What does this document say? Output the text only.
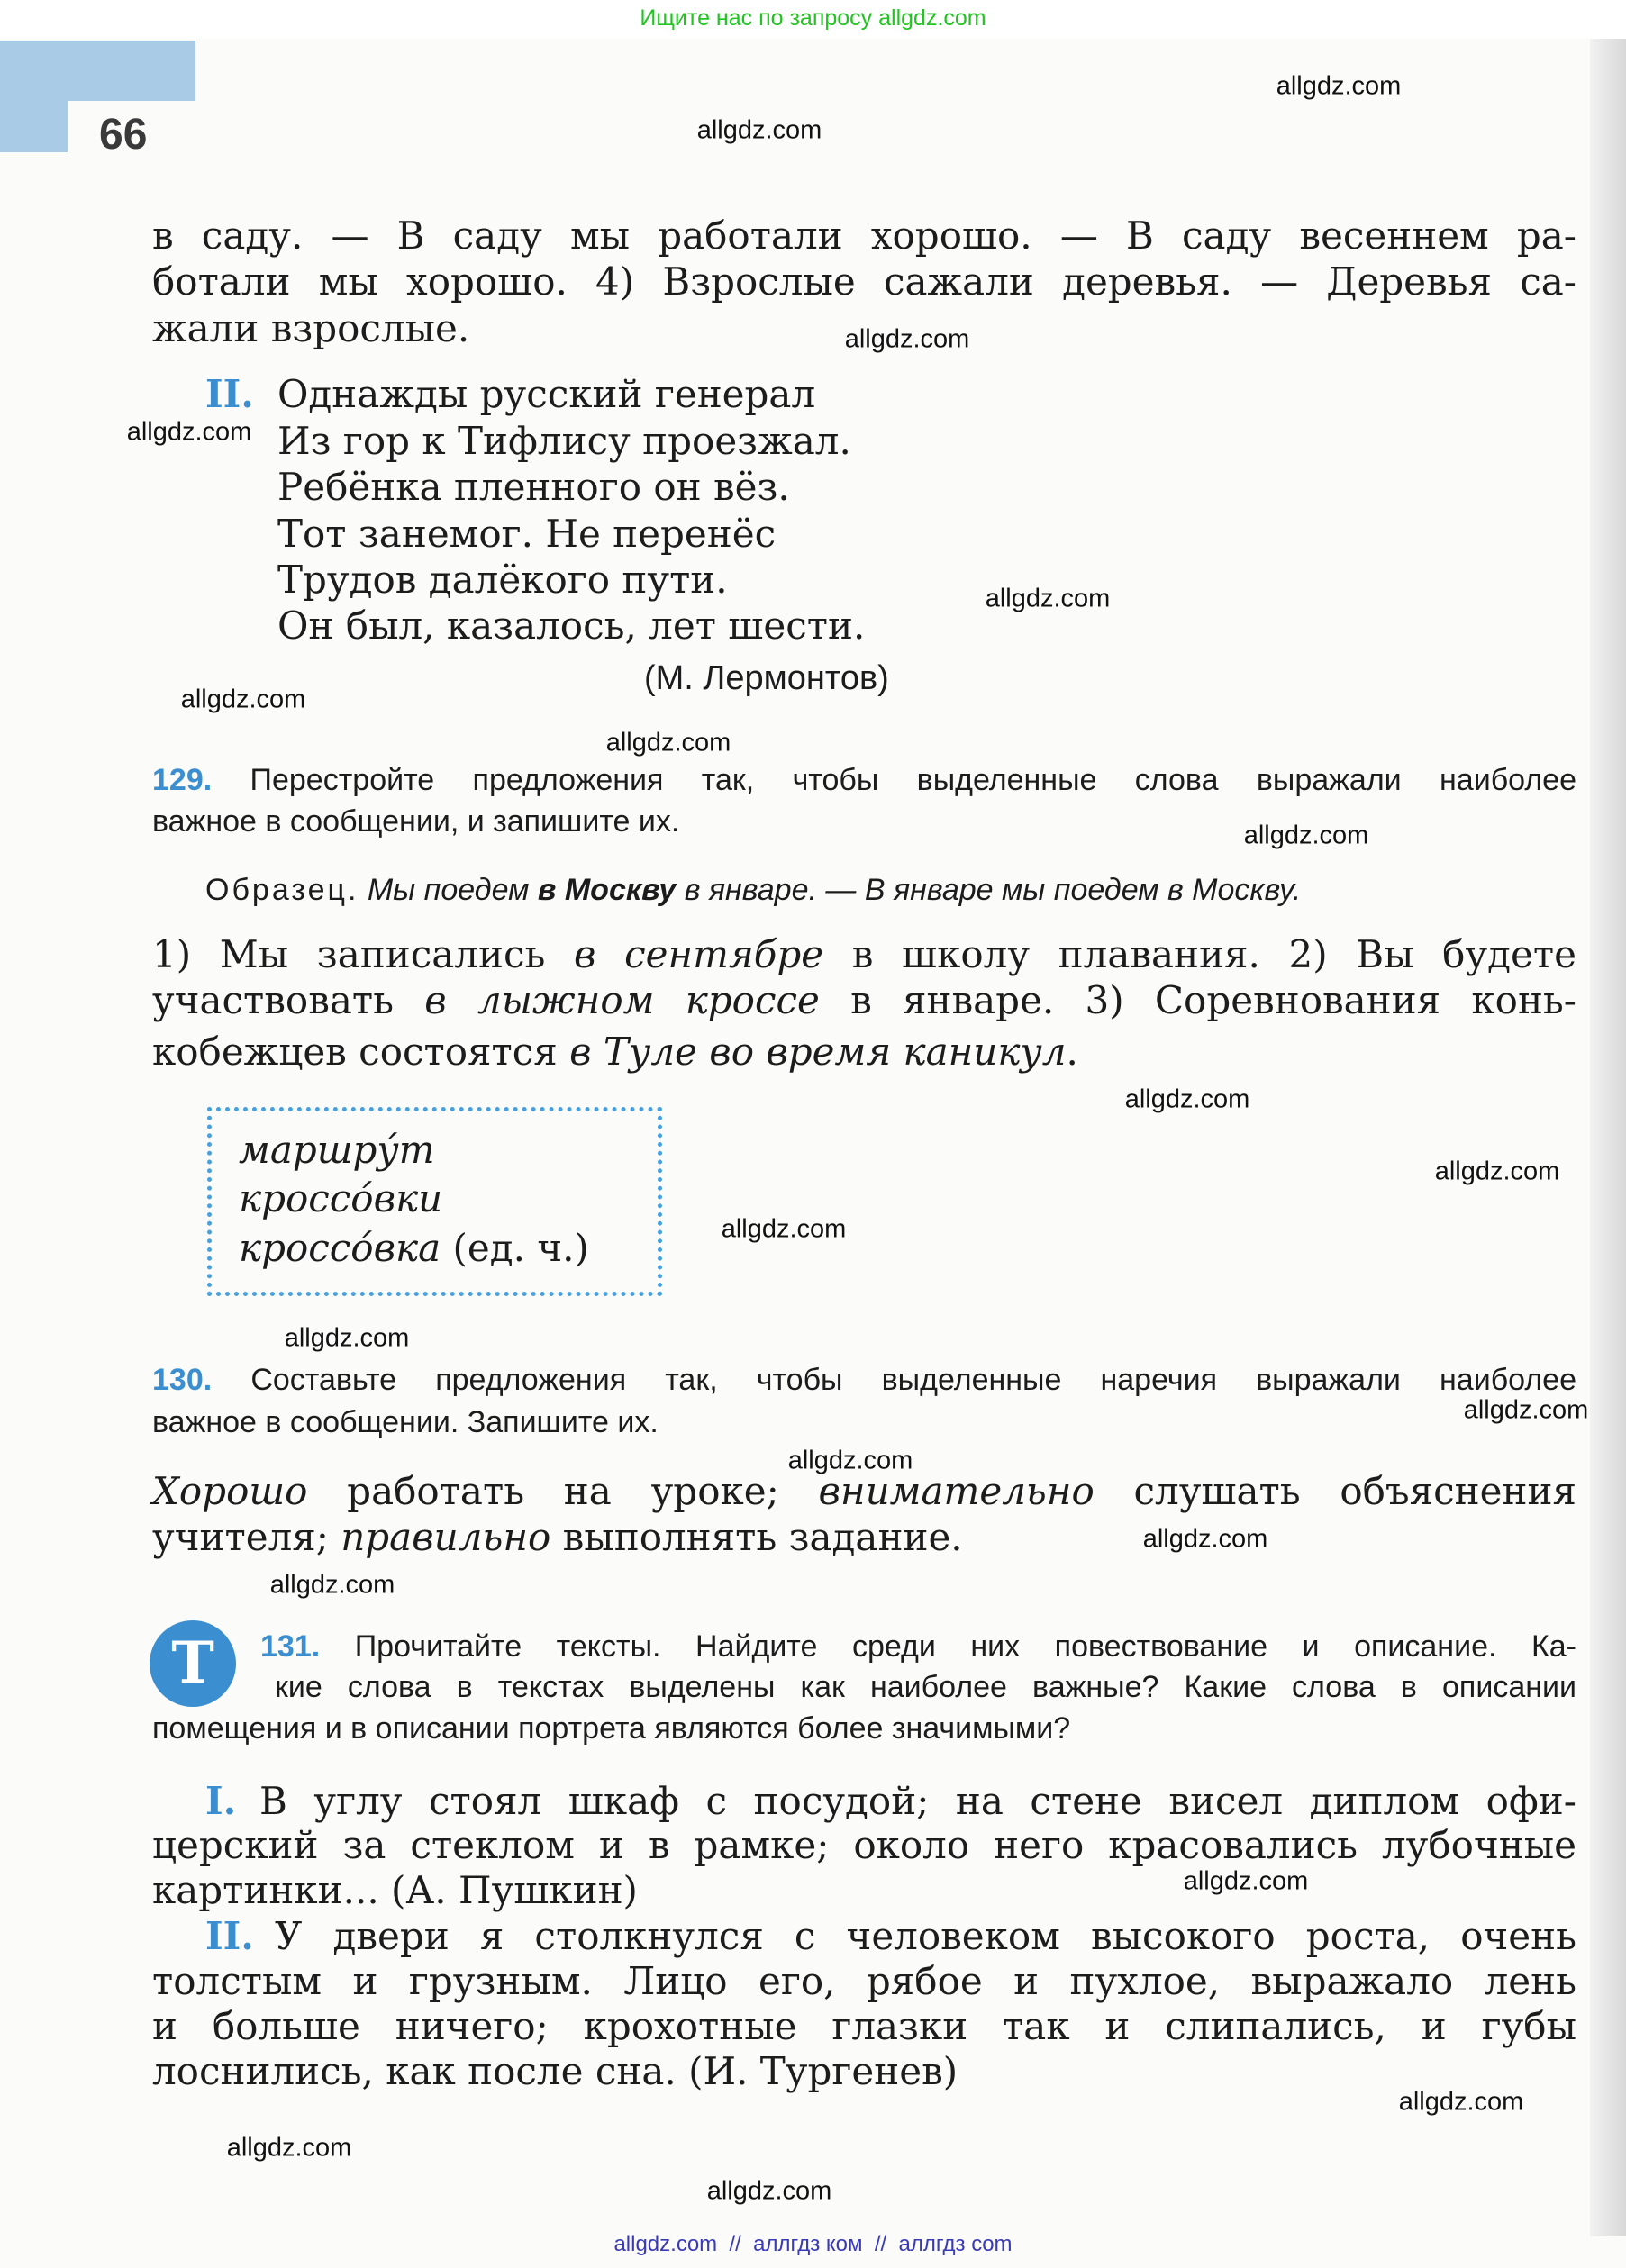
Ищите нас по запросу allgdz.com
66
в саду. — В саду мы работали хорошо. — В саду весеннем ра-
ботали мы хорошо. 4) Взрослые сажали деревья. — Деревья са-
жали взрослые.
II. Однажды русский генерал
Из гор к Тифлису проезжал.
Ребёнка пленного он вёз.
Тот занемог. Не перенёс
Трудов далёкого пути.
Он был, казалось, лет шести.
(М. Лермонтов)
129. Перестройте предложения так, чтобы выделенные слова выражали наиболее
важное в сообщении, и запишите их.
Образец. Мы поедем в Москву в январе. — В январе мы поедем в Москву.
1) Мы записались в сентябре в школу плавания. 2) Вы будете
участвовать в лыжном кроссе в январе. 3) Соревнования конь-
кобежцев состоятся в Туле во время каникул.
маршру́т
кроссо́вки
кроссо́вка (ед. ч.)
130. Составьте предложения так, чтобы выделенные наречия выражали наиболее
важное в сообщении. Запишите их.
Хорошо работать на уроке; внимательно слушать объяснения
учителя; правильно выполнять задание.
Т	131. Прочитайте тексты. Найдите среди них повествование и описание. Ка-
кие слова в текстах выделены как наиболее важные? Какие слова в описании
помещения и в описании портрета являются более значимыми?
I. В углу стоял шкаф с посудой; на стене висел диплом офи-
церский за стеклом и в рамке; около него красовались лубочные
картинки... (А. Пушкин)
II. У двери я столкнулся с человеком высокого роста, очень
толстым и грузным. Лицо его, рябое и пухлое, выражало лень
и больше ничего; крохотные глазки так и слипались, и губы
лоснились, как после сна. (И. Тургенев)
allgdz.com
allgdz.com
allgdz.com
allgdz.com
allgdz.com
allgdz.com
allgdz.com
allgdz.com
allgdz.com
allgdz.com
allgdz.com
allgdz.com
allgdz.com
allgdz.com
allgdz.com
allgdz.com
allgdz.com
allgdz.com
allgdz.com
allgdz.com
allgdz.com  //  аллгдз ком  //  аллгдз com
